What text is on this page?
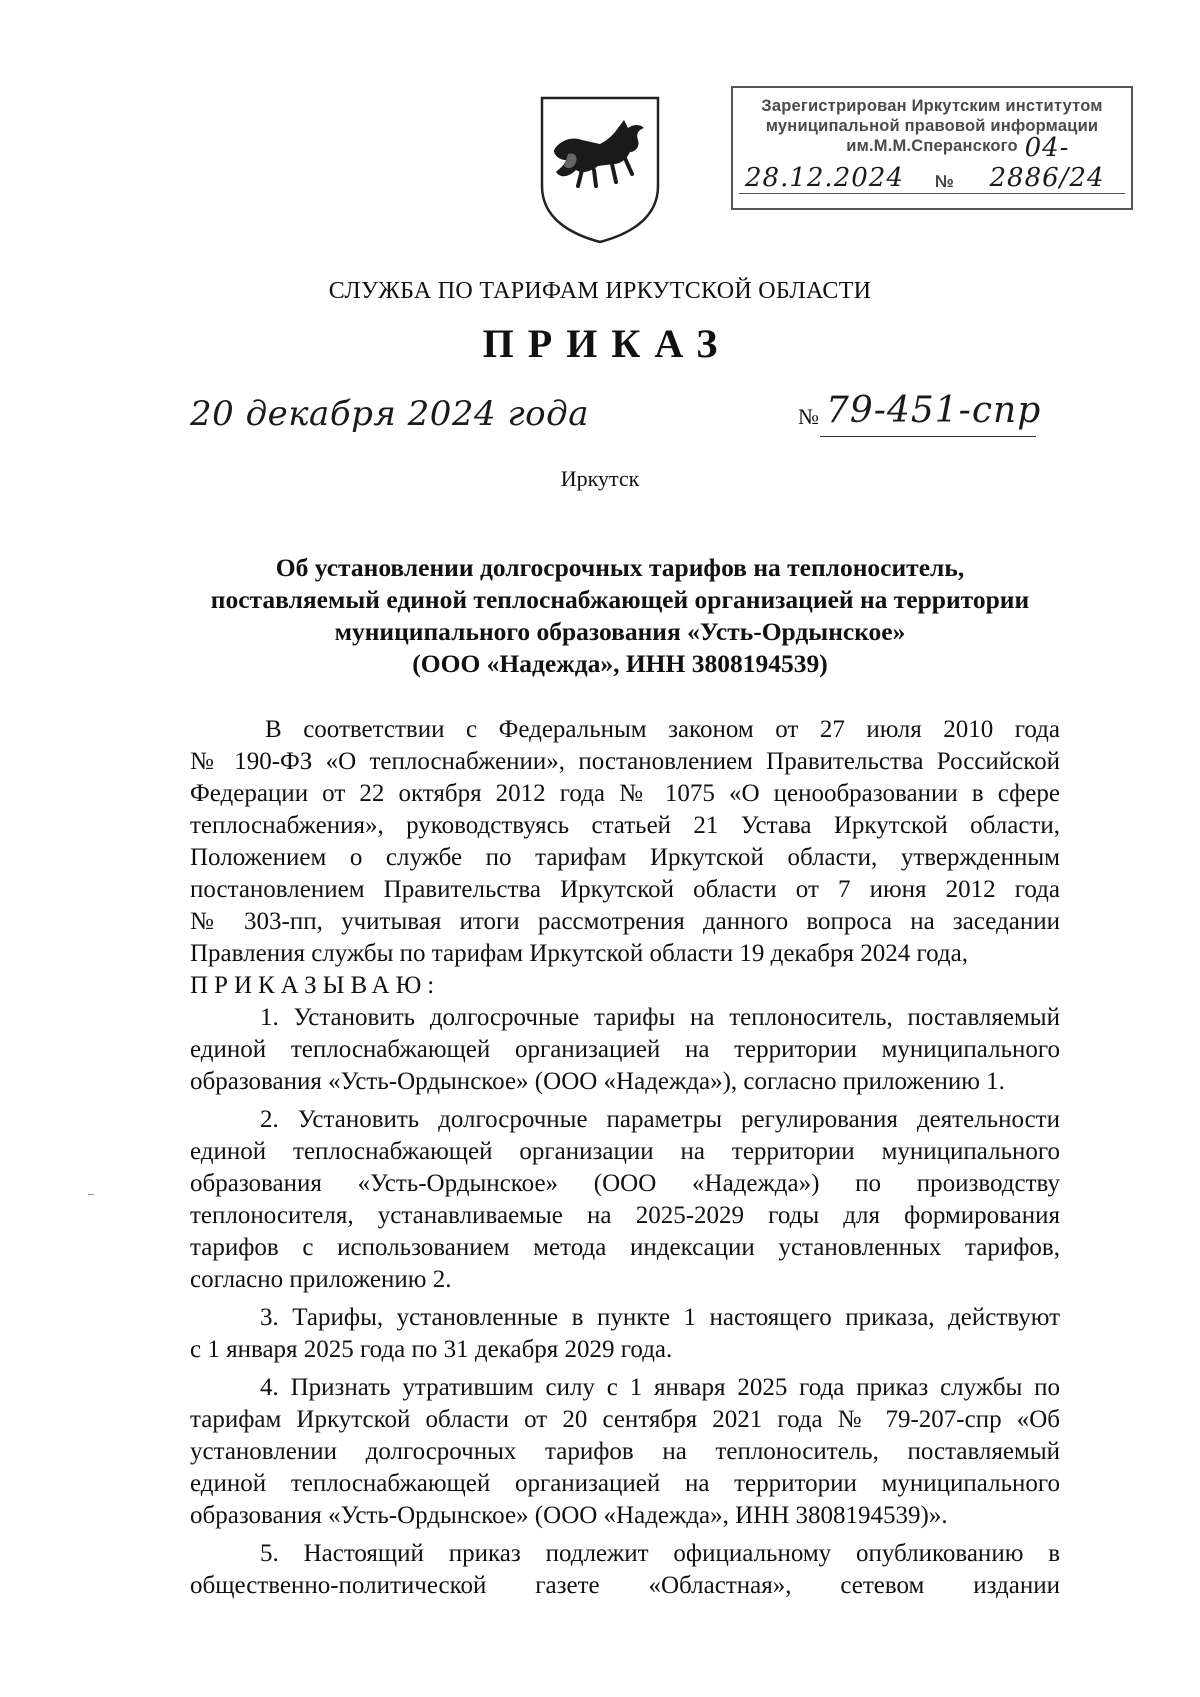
Зарегистрирован Иркутским институтом
муниципальной правовой информации
им.М.М.Сперанского
28.12.2024 №
04-2886/24
СЛУЖБА ПО ТАРИФАМ ИРКУТСКОЙ ОБЛАСТИ
ПРИКАЗ
20 декабря 2024 года	№ 79-451-спр
Иркутск
Об установлении долгосрочных тарифов на теплоноситель,
поставляемый единой теплоснабжающей организацией на территории
муниципального образования «Усть-Ордынское»
(ООО «Надежда», ИНН 3808194539)
В соответствии с Федеральным законом от 27 июля 2010 года
№ 190-ФЗ «О теплоснабжении», постановлением Правительства Российской
Федерации от 22 октября 2012 года № 1075 «О ценообразовании в сфере
теплоснабжения», руководствуясь статьей 21 Устава Иркутской области,
Положением о службе по тарифам Иркутской области, утвержденным
постановлением Правительства Иркутской области от 7 июня 2012 года
№ 303-пп, учитывая итоги рассмотрения данного вопроса на заседании
Правления службы по тарифам Иркутской области 19 декабря 2024 года,
ПРИКАЗЫВАЮ:
1. Установить долгосрочные тарифы на теплоноситель, поставляемый
единой теплоснабжающей организацией на территории муниципального
образования «Усть-Ордынское» (ООО «Надежда»), согласно приложению 1.
2. Установить долгосрочные параметры регулирования деятельности
единой теплоснабжающей организации на территории муниципального
образования «Усть-Ордынское» (ООО «Надежда») по производству
теплоносителя, устанавливаемые на 2025-2029 годы для формирования
тарифов с использованием метода индексации установленных тарифов,
согласно приложению 2.
3. Тарифы, установленные в пункте 1 настоящего приказа, действуют
с 1 января 2025 года по 31 декабря 2029 года.
4. Признать утратившим силу с 1 января 2025 года приказ службы по
тарифам Иркутской области от 20 сентября 2021 года № 79-207-спр «Об
установлении долгосрочных тарифов на теплоноситель, поставляемый
единой теплоснабжающей организацией на территории муниципального
образования «Усть-Ордынское» (ООО «Надежда», ИНН 3808194539)».
5. Настоящий приказ подлежит официальному опубликованию в
общественно-политической газете «Областная», сетевом издании
